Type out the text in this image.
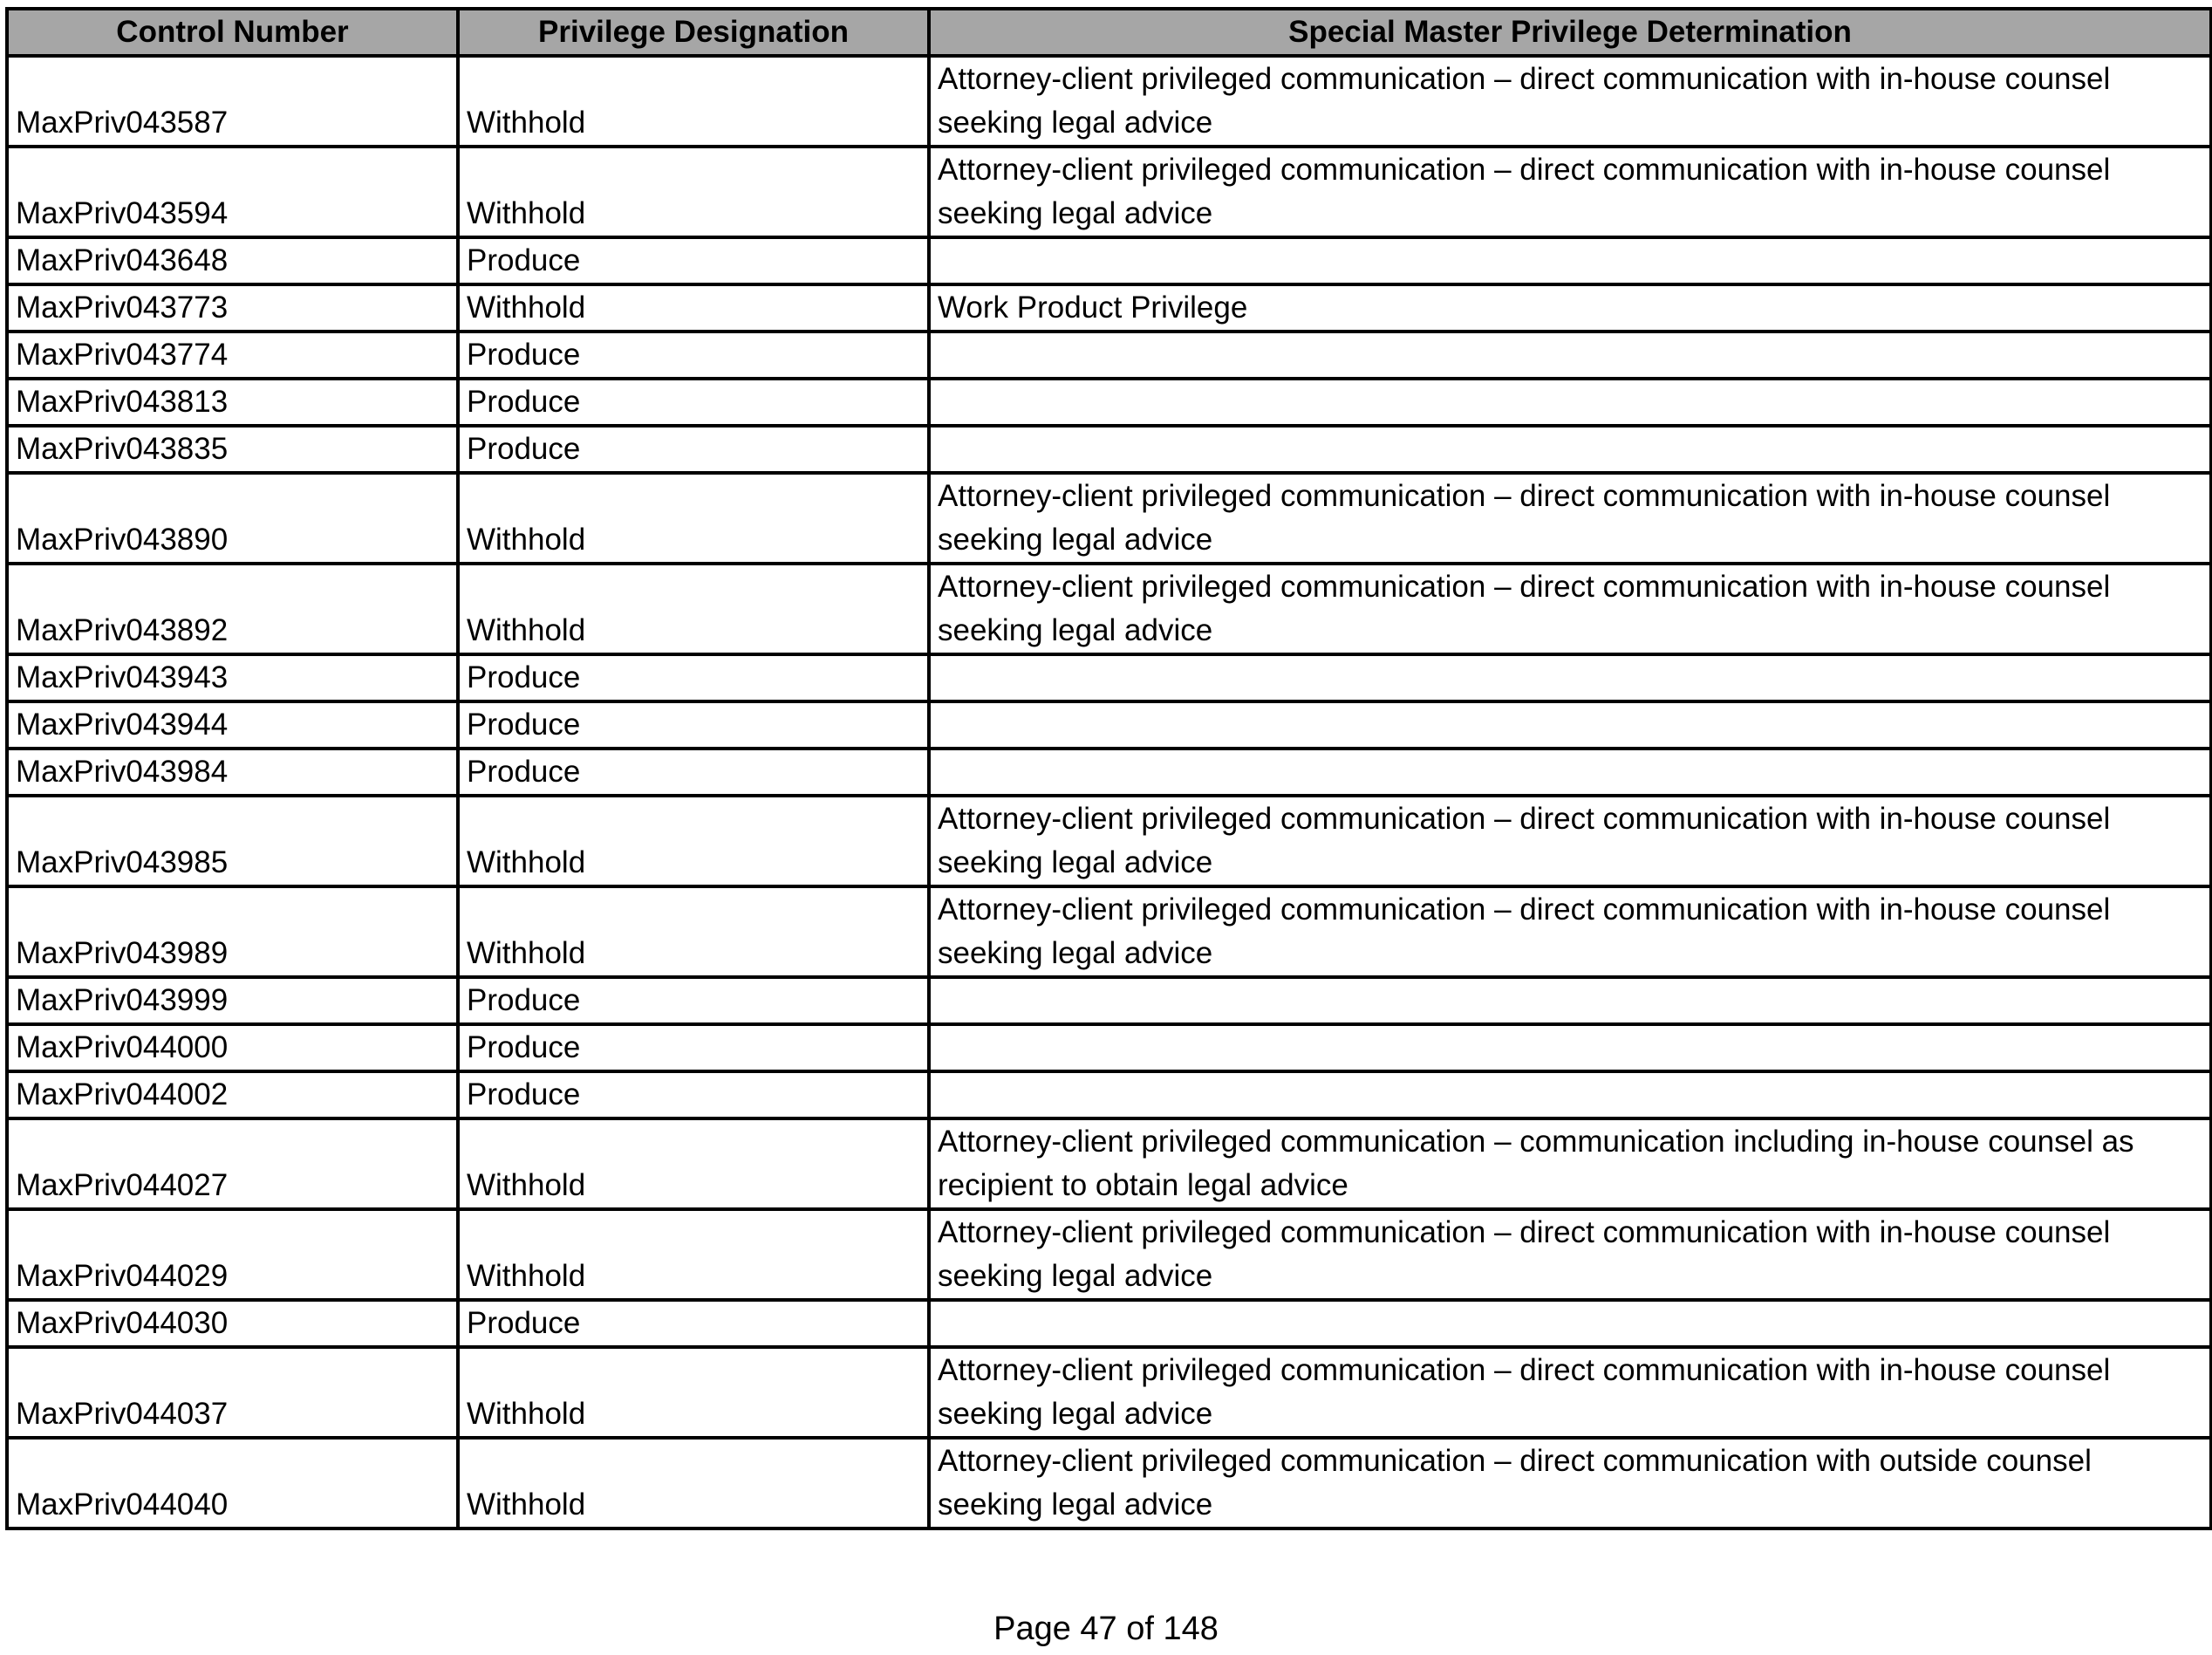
Control Number	Privilege Designation	Special Master Privilege Determination
MaxPriv043587	Withhold	Attorney-client privileged communication – direct communication with in-house counsel seeking legal advice
MaxPriv043594	Withhold	Attorney-client privileged communication – direct communication with in-house counsel seeking legal advice
MaxPriv043648	Produce	
MaxPriv043773	Withhold	Work Product Privilege
MaxPriv043774	Produce	
MaxPriv043813	Produce	
MaxPriv043835	Produce	
MaxPriv043890	Withhold	Attorney-client privileged communication – direct communication with in-house counsel seeking legal advice
MaxPriv043892	Withhold	Attorney-client privileged communication – direct communication with in-house counsel seeking legal advice
MaxPriv043943	Produce	
MaxPriv043944	Produce	
MaxPriv043984	Produce	
MaxPriv043985	Withhold	Attorney-client privileged communication – direct communication with in-house counsel seeking legal advice
MaxPriv043989	Withhold	Attorney-client privileged communication – direct communication with in-house counsel seeking legal advice
MaxPriv043999	Produce	
MaxPriv044000	Produce	
MaxPriv044002	Produce	
MaxPriv044027	Withhold	Attorney-client privileged communication – communication including in-house counsel as recipient to obtain legal advice
MaxPriv044029	Withhold	Attorney-client privileged communication – direct communication with in-house counsel seeking legal advice
MaxPriv044030	Produce	
MaxPriv044037	Withhold	Attorney-client privileged communication – direct communication with in-house counsel seeking legal advice
MaxPriv044040	Withhold	Attorney-client privileged communication – direct communication with outside counsel seeking legal advice
Page 47 of 148
